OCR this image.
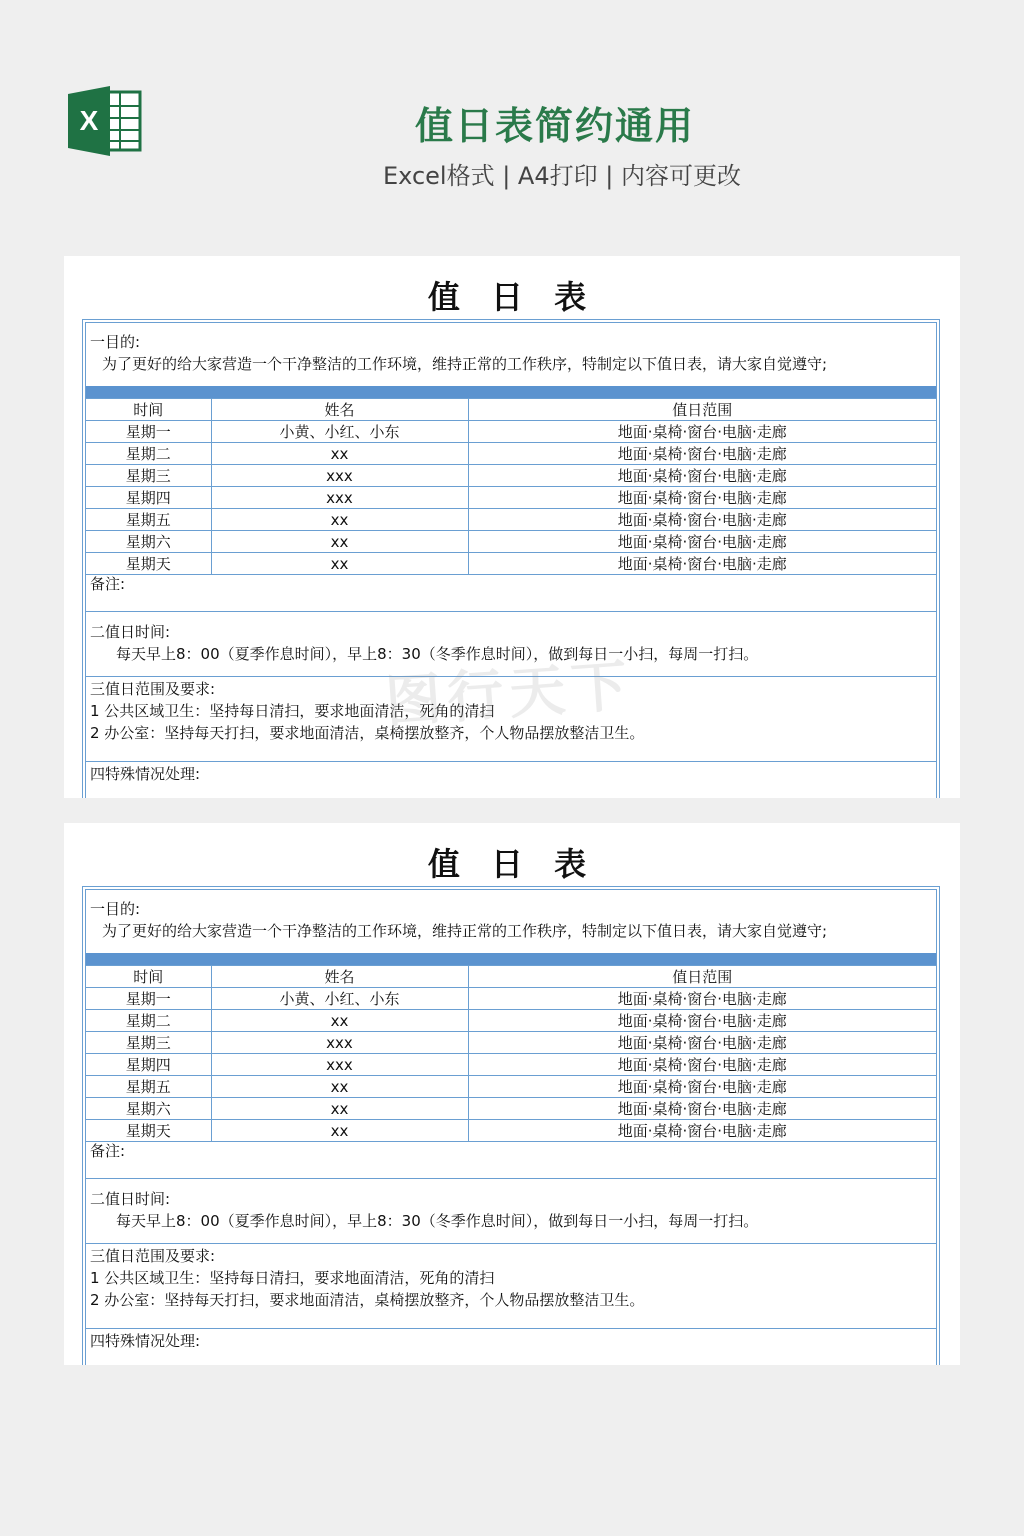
X	值日表简约通用
Excel格式 | A4打印 | 内容可更改
值 日 表
一目的:
为了更好的给大家营造一个干净整洁的工作环境，维持正常的工作秩序，特制定以下值日表，请大家自觉遵守;
时间	姓名	值日范围
星期一	小黄、小红、小东	地面·桌椅·窗台·电脑·走廊
星期二	xx	地面·桌椅·窗台·电脑·走廊
星期三	xxx	地面·桌椅·窗台·电脑·走廊
星期四	xxx	地面·桌椅·窗台·电脑·走廊
星期五	xx	地面·桌椅·窗台·电脑·走廊
星期六	xx	地面·桌椅·窗台·电脑·走廊
星期天	xx	地面·桌椅·窗台·电脑·走廊
备注:
二值日时间:
每天早上8：00（夏季作息时间），早上8：30（冬季作息时间），做到每日一小扫，每周一打扫。
三值日范围及要求:
1 公共区域卫生：坚持每日清扫，要求地面清洁，死角的清扫
2 办公室：坚持每天打扫，要求地面清洁，桌椅摆放整齐，个人物品摆放整洁卫生。
四特殊情况处理:
值 日 表
一目的:
为了更好的给大家营造一个干净整洁的工作环境，维持正常的工作秩序，特制定以下值日表，请大家自觉遵守;
时间	姓名	值日范围
星期一	小黄、小红、小东	地面·桌椅·窗台·电脑·走廊
星期二	xx	地面·桌椅·窗台·电脑·走廊
星期三	xxx	地面·桌椅·窗台·电脑·走廊
星期四	xxx	地面·桌椅·窗台·电脑·走廊
星期五	xx	地面·桌椅·窗台·电脑·走廊
星期六	xx	地面·桌椅·窗台·电脑·走廊
星期天	xx	地面·桌椅·窗台·电脑·走廊
备注:
二值日时间:
每天早上8：00（夏季作息时间），早上8：30（冬季作息时间），做到每日一小扫，每周一打扫。
三值日范围及要求:
1 公共区域卫生：坚持每日清扫，要求地面清洁，死角的清扫
2 办公室：坚持每天打扫，要求地面清洁，桌椅摆放整齐，个人物品摆放整洁卫生。
四特殊情况处理:
图行天下
